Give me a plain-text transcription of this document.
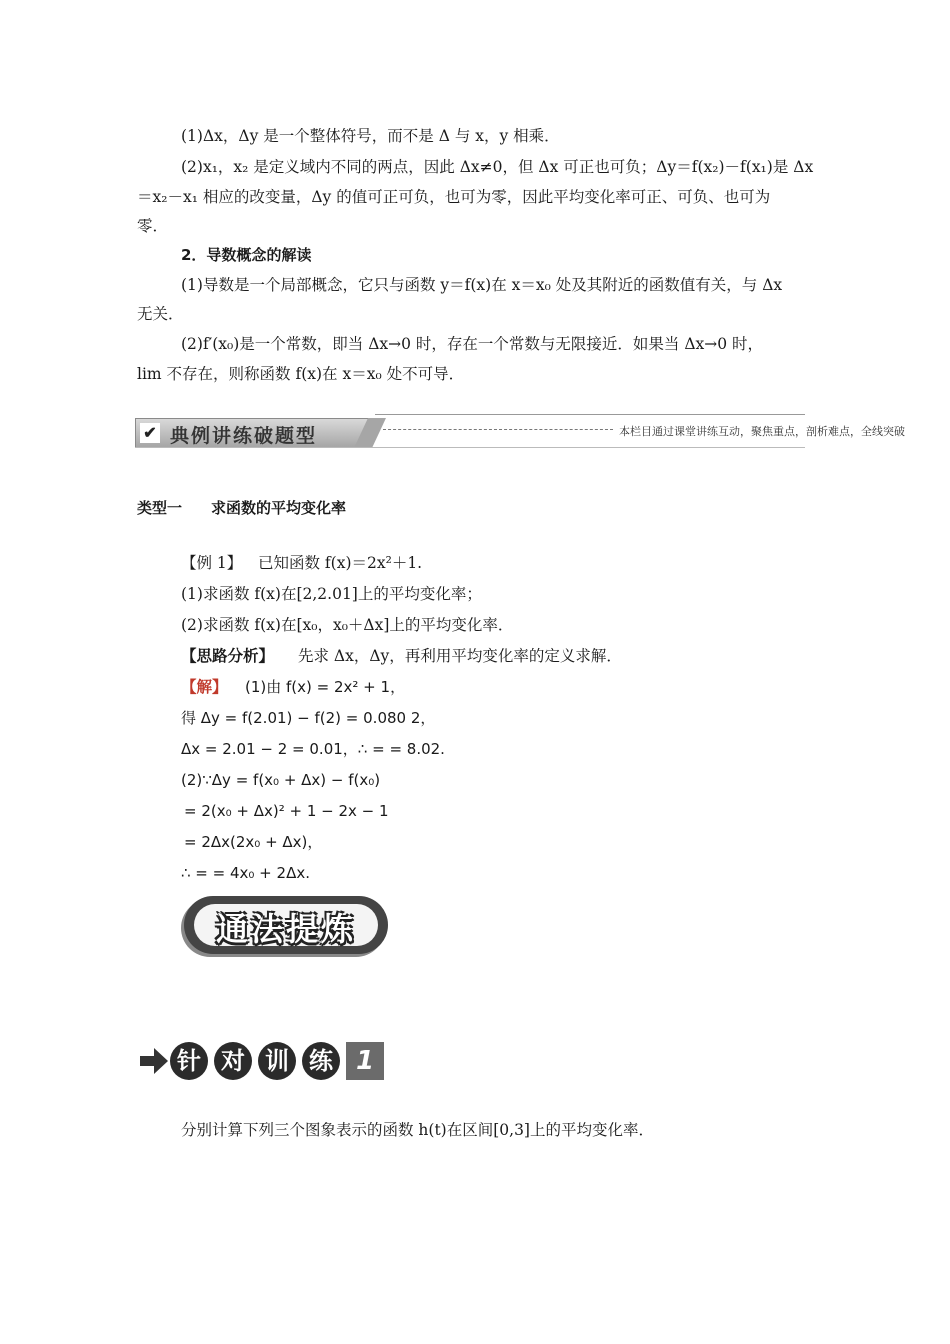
(1)Δx，Δy 是一个整体符号，而不是 Δ 与 x，y 相乘．
(2)x₁，x₂ 是定义域内不同的两点，因此 Δx≠0，但 Δx 可正也可负；Δy＝f(x₂)－f(x₁)是 Δx
＝x₂－x₁ 相应的改变量，Δy 的值可正可负，也可为零，因此平均变化率可正、可负、也可为
零．
2．导数概念的解读
(1)导数是一个局部概念，它只与函数 y＝f(x)在 x＝x₀ 处及其附近的函数值有关，与 Δx
无关．
(2)f′(x₀)是一个常数，即当 Δx→0 时，存在一个常数与无限接近．如果当 Δx→0 时，
lim 不存在，则称函数 f(x)在 x＝x₀ 处不可导．
✔ 典例讲练破题型	本栏目通过课堂讲练互动，聚焦重点，剖析难点，全线突破
类型一 求函数的平均变化率
【例 1】 已知函数 f(x)＝2x²＋1.
(1)求函数 f(x)在[2,2.01]上的平均变化率；
(2)求函数 f(x)在[x₀，x₀＋Δx]上的平均变化率．
【思路分析】 先求 Δx，Δy，再利用平均变化率的定义求解．
【解】 (1)由 f(x) = 2x² + 1，
得 Δy = f(2.01) − f(2) = 0.080 2，
Δx = 2.01 − 2 = 0.01，∴ = = 8.02.
(2)∵Δy = f(x₀ + Δx) − f(x₀)
= 2(x₀ + Δx)² + 1 − 2x − 1
= 2Δx(2x₀ + Δx)，
∴ = = 4x₀ + 2Δx.
通法提炼
针 对 训 练 1
分别计算下列三个图象表示的函数 h(t)在区间[0,3]上的平均变化率．
